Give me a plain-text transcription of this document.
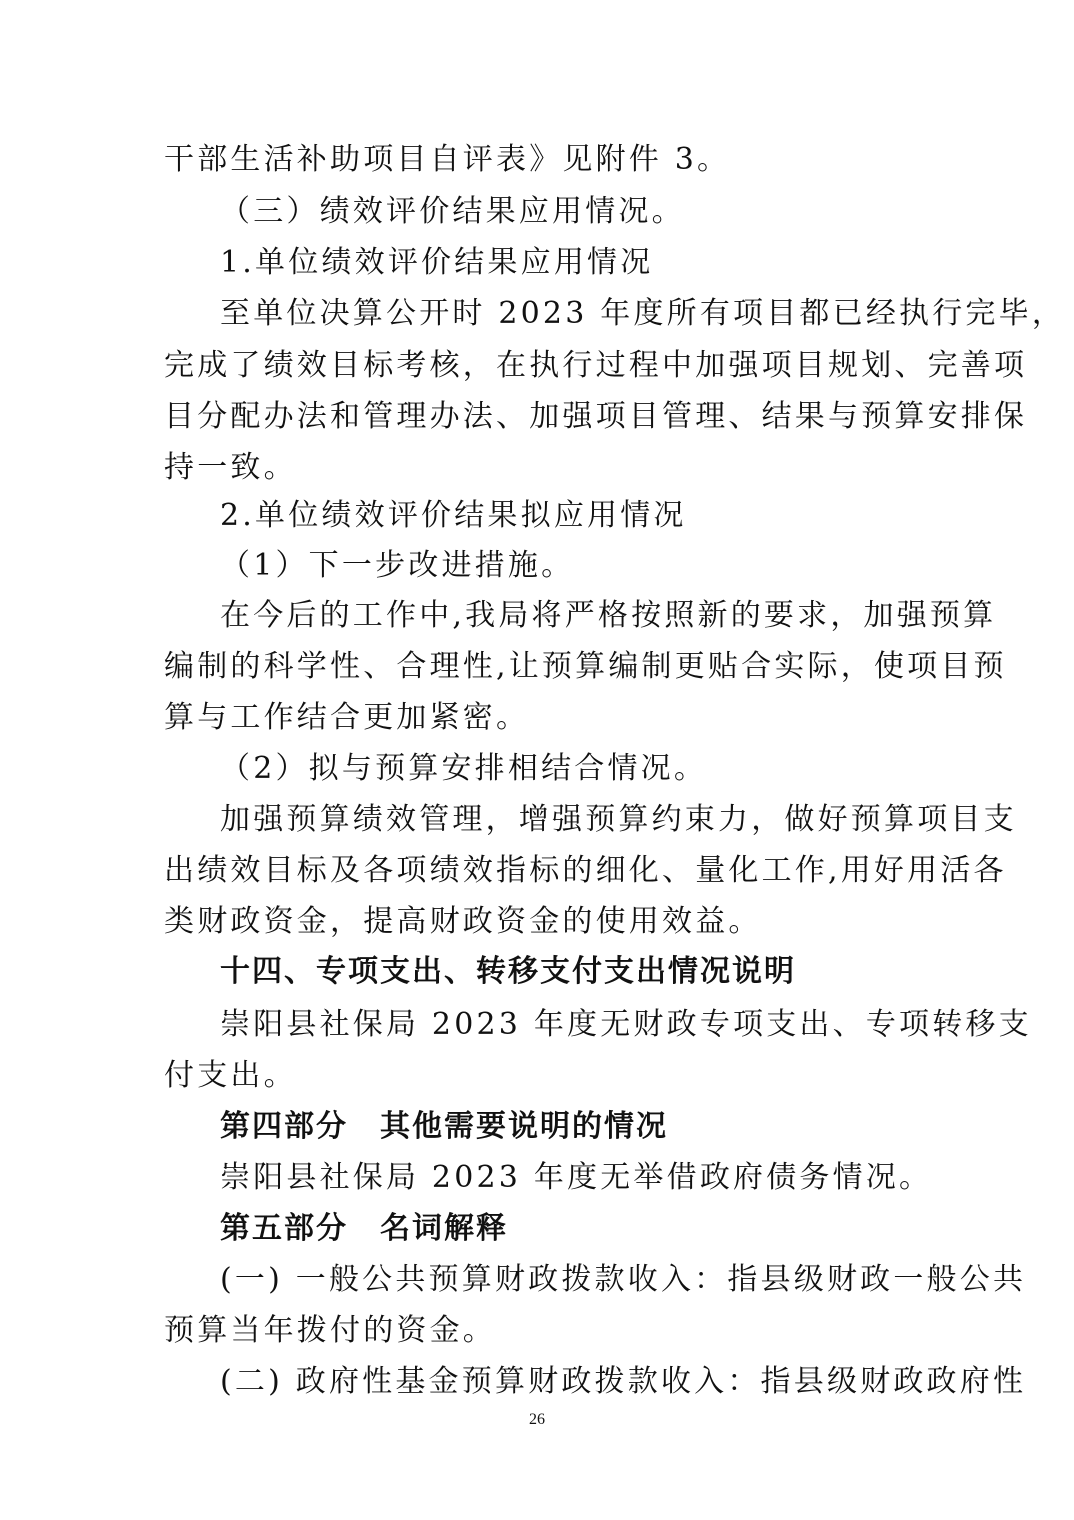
干部生活补助项目自评表》见附件 3。
（三）绩效评价结果应用情况。
1.单位绩效评价结果应用情况
至单位决算公开时 2023 年度所有项目都已经执行完毕，
完成了绩效目标考核，在执行过程中加强项目规划、完善项
目分配办法和管理办法、加强项目管理、结果与预算安排保
持一致。
2.单位绩效评价结果拟应用情况
（1）下一步改进措施。
在今后的工作中,我局将严格按照新的要求，加强预算
编制的科学性、合理性,让预算编制更贴合实际，使项目预
算与工作结合更加紧密。
（2）拟与预算安排相结合情况。
加强预算绩效管理，增强预算约束力，做好预算项目支
出绩效目标及各项绩效指标的细化、量化工作,用好用活各
类财政资金，提高财政资金的使用效益。
十四、专项支出、转移支付支出情况说明
崇阳县社保局 2023 年度无财政专项支出、专项转移支
付支出。
第四部分　其他需要说明的情况
崇阳县社保局 2023 年度无举借政府债务情况。
第五部分　名词解释
(一) 一般公共预算财政拨款收入：指县级财政一般公共
预算当年拨付的资金。
(二) 政府性基金预算财政拨款收入：指县级财政政府性
26
